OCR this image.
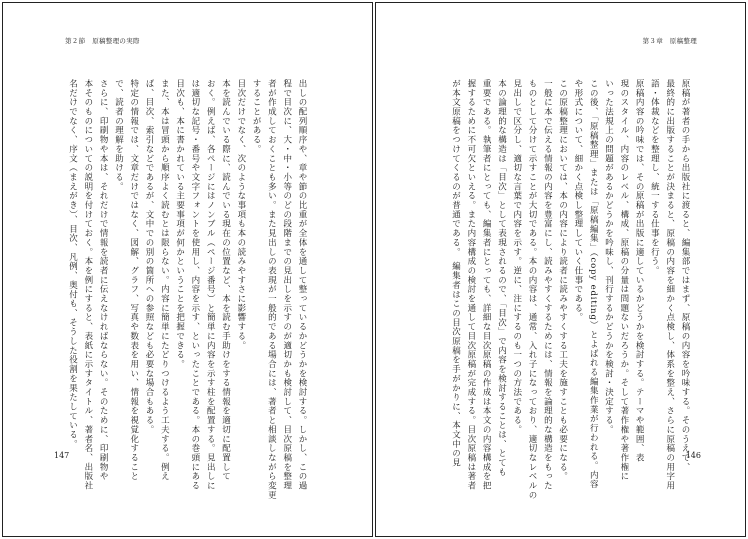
第２節　原稿整理の実際

出しの配列順序や、章や節の比重が全体を通して整っているかどうかを検討する。しかし、この過

程で目次に、大・中・小等のどの段階までの見出しを示すのが適切かも検討して、目次原稿を整理

者が作成しておくことも多い。また見出しの表現が一般的である場合には、著者と相談しながら変更

することがある。

目次だけでなく、次のような事項も本の読みやすさに影響する。

本を読んでいる際に、読んでいる現在の位置など、本を読む手助けをする情報を適切に配置して

おく。例えば、各ページにはノンブル（ページ番号）と簡単に内容を示す柱を配置する。見出しに

は適切な記号・番号や文字フォントを使用し、内容を示す、といったことである。本の巻頭にある

目次も、本に書かれている主要事項が何かということを把握できる。

また、本は冒頭から順序よく読むとは限らない。内容に簡単にたどりつけるよう工夫する。例え

ば、目次、索引などであるが、文中での別の箇所への参照なども必要な場合もある。

特定の情報では、文章だけではなく、図解、グラフ、写真や数表を用い、情報を視覚化すること

で、読者の理解を助ける。

さらに、印刷物や本は、それだけで情報を読者に伝えなければならない。そのために、印刷物や

本そのものについての説明を付けておく。本を例にすると、表紙に示すタイトル、著者名、出版社

名だけでなく、序文（まえがき）、目次、凡例、奥付も、そうした役割を果たしている。

147
第３章　原稿整理

原稿が著者の手から出版社に渡ると、編集部ではまず、原稿の内容を吟味する。そのうえで、

最終的に出版することが決まると、原稿の内容を細かく点検し、体系を整え、さらに原稿の用字用

語・体裁などを整理し、統一する仕事を行う。

原稿内容の吟味では、その原稿が出版に適しているかどうかを検討する。テーマや範囲、表

現のスタイル、内容のレベル、構成、原稿の分量は問題ないだろうか。そして著作権や著作権に

いった法規上の問題があるかどうかを吟味し、刊行するかどうかを検討・決定する。

この後、「原稿整理」または「原稿編集」（copy editing）とよばれる編集作業が行われる。内容

や形式について、細かく点検し整理していく仕事である。

この原稿整理においては、本の内容により読者に読みやすくする工夫を施すことも必要になる。

一般に本で伝える情報の内容を豊富にし、読みやすくするためには、情報を論理的な構造をもった

ものとして分けて示すことが大切である。本の内容は、通常、入れ子になっており、適切なレベルの

見出しで区分し、適切な言葉で内容を示す。逆に、注にするのも一つの方法である。

本の論理的な構造は「目次」として表現されるので、「目次」で内容を検討することは、とても

重要である。執筆者にとっても、編集者にとっても、詳細な目次原稿の作成は本文の内容構成を把

握するために不可欠といえる。また内容構成の検討を通して目次原稿が完成する。目次原稿は著者

が本文原稿をつけてくるのが普通である。　編集者はこの目次原稿を手がかりに、本文中の見	146
